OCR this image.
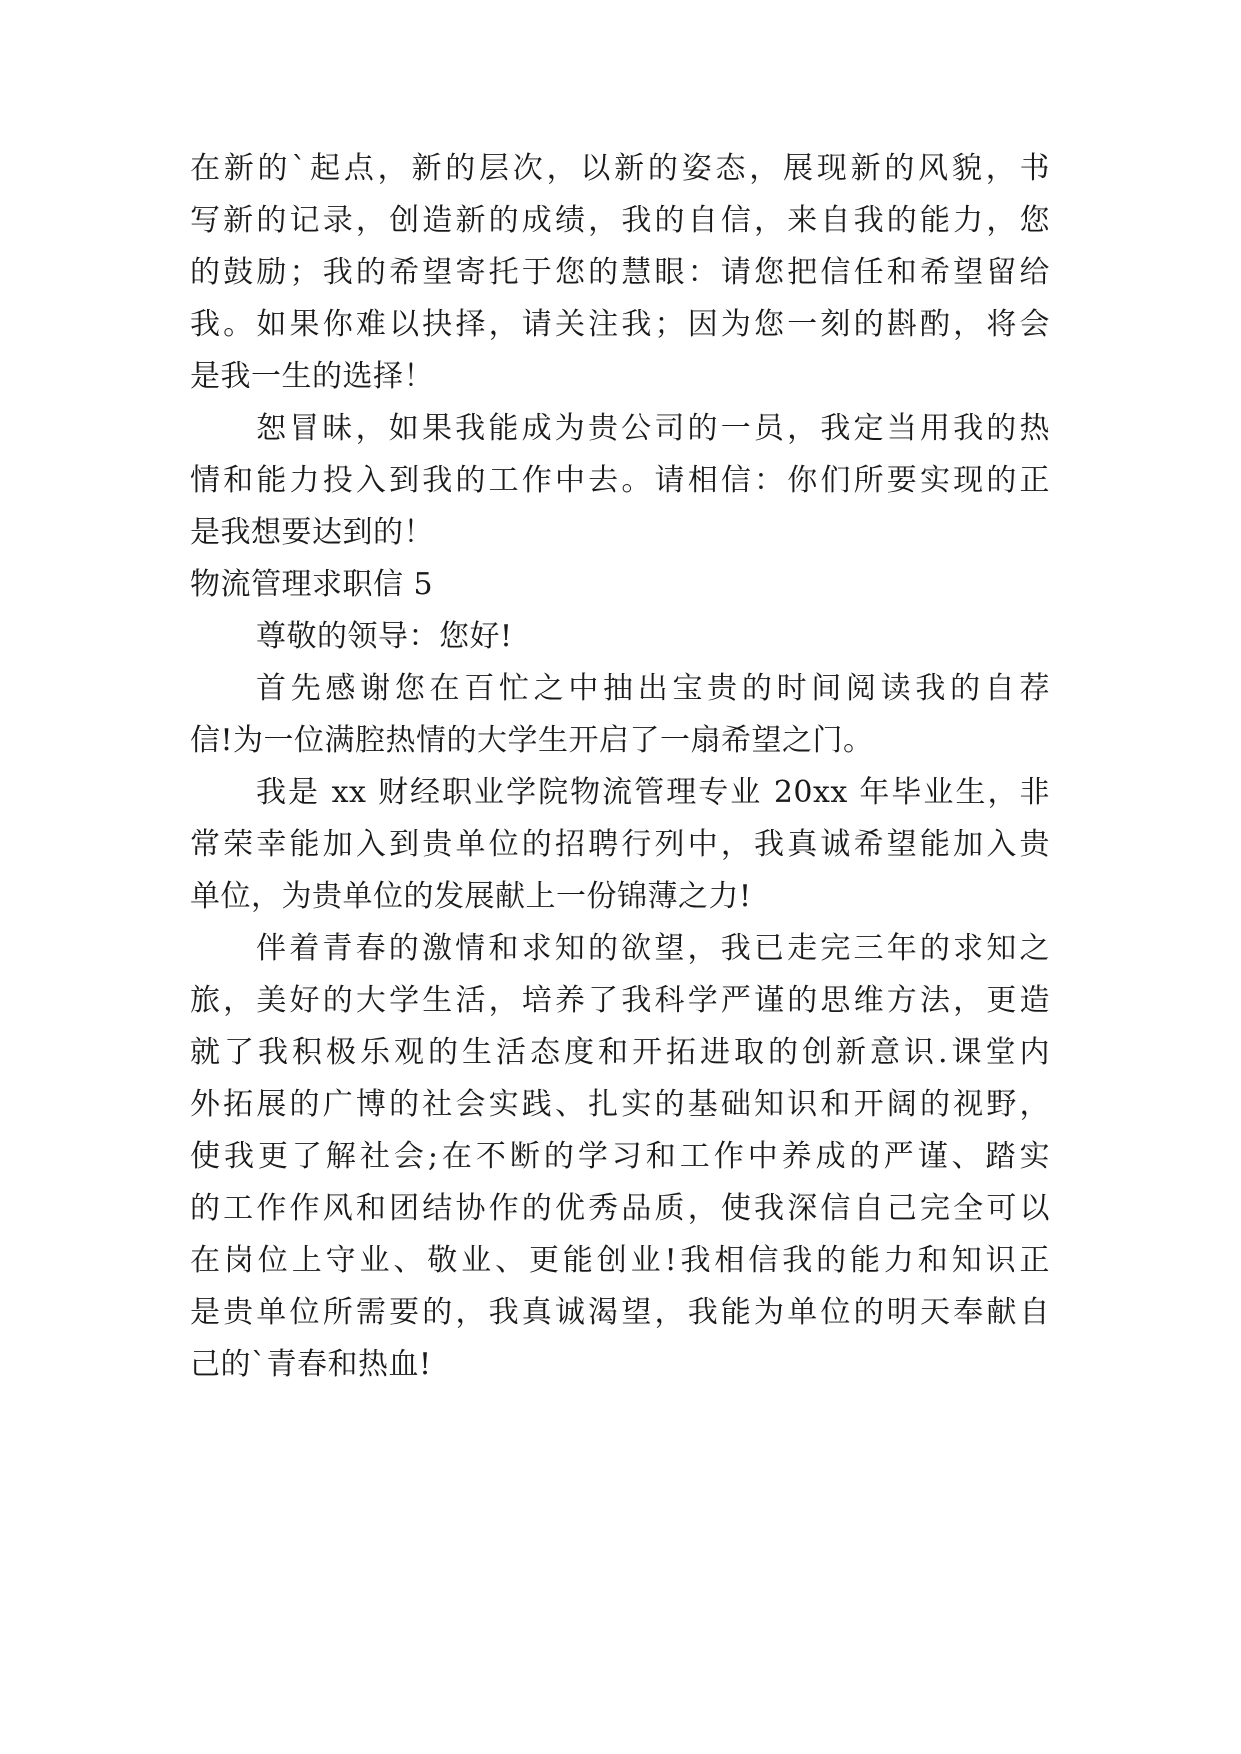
在新的`起点，新的层次，以新的姿态，展现新的风貌，书

写新的记录，创造新的成绩，我的自信，来自我的能力，您

的鼓励；我的希望寄托于您的慧眼：请您把信任和希望留给

我。如果你难以抉择，请关注我；因为您一刻的斟酌，将会

是我一生的选择！

恕冒昧，如果我能成为贵公司的一员，我定当用我的热

情和能力投入到我的工作中去。请相信：你们所要实现的正

是我想要达到的！

物流管理求职信 5

尊敬的领导：您好!

首先感谢您在百忙之中抽出宝贵的时间阅读我的自荐

信!为一位满腔热情的大学生开启了一扇希望之门。

我是 xx 财经职业学院物流管理专业 20xx 年毕业生，非

常荣幸能加入到贵单位的招聘行列中，我真诚希望能加入贵

单位，为贵单位的发展献上一份锦薄之力!

伴着青春的激情和求知的欲望，我已走完三年的求知之

旅，美好的大学生活，培养了我科学严谨的思维方法，更造

就了我积极乐观的生活态度和开拓进取的创新意识.课堂内

外拓展的广博的社会实践、扎实的基础知识和开阔的视野，

使我更了解社会;在不断的学习和工作中养成的严谨、踏实

的工作作风和团结协作的优秀品质，使我深信自己完全可以

在岗位上守业、敬业、更能创业!我相信我的能力和知识正

是贵单位所需要的，我真诚渴望，我能为单位的明天奉献自

己的`青春和热血!
